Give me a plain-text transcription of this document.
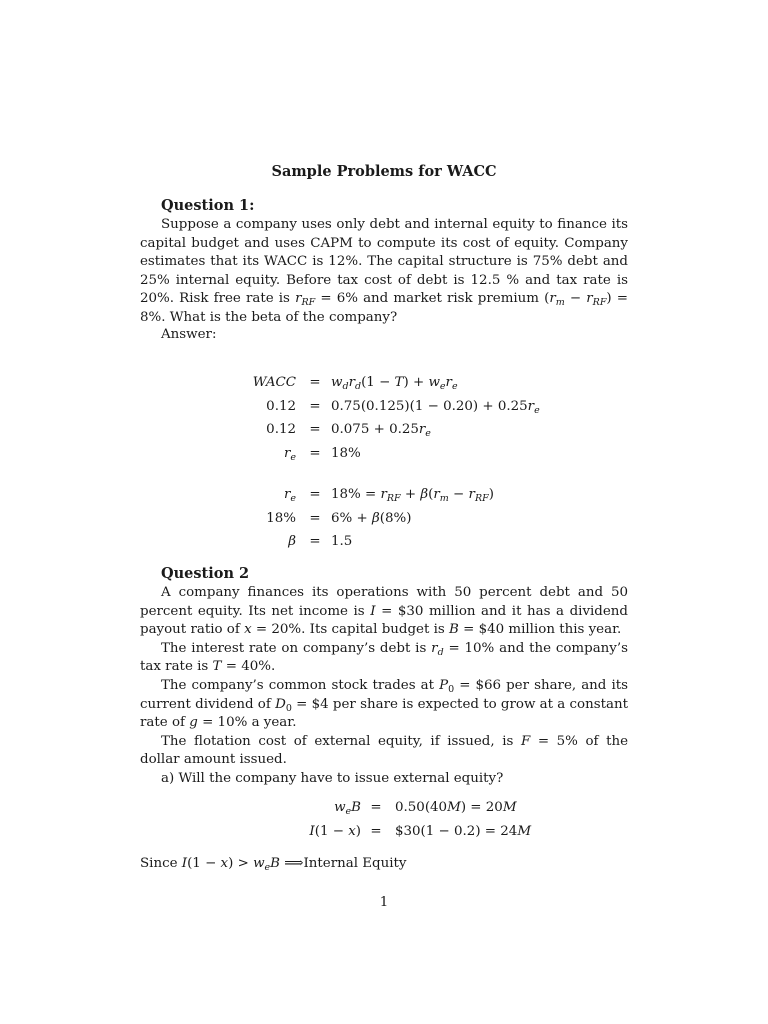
Sample Problems for WACC
Question 1:

Suppose a company uses only debt and internal equity to finance its capital budget and uses CAPM to compute its cost of equity. Company estimates that its WACC is 12%. The capital structure is 75% debt and 25% internal equity. Before tax cost of debt is 12.5 % and tax rate is 20%. Risk free rate is $r_{RF} = 6\%$ and market risk premium $(r_m - r_{RF}) = 8\%$. What is the beta of the company?

Answer:
WACC = $w_dr_d(1 - T) + w_er_e$
$0.12 = 0.75(0.125)(1 - 0.20) + 0.25r_e$
$0.12 = 0.075 + 0.25r_e$
$r_e = 18\%$
$r_e = 18\% = r_{RF} + \beta(r_m - r_{RF})$
18% = 6% + β(8%)
β = 1.5
Question 2

A company finances its operations with 50 percent debt and 50 percent equity. Its net income is I = $30 million and it has a dividend payout ratio of x = 20%. Its capital budget is B = $40 million this year.

The interest rate on company’s debt is $r_d = 10\%$ and the company’s tax rate is T = 40%.

The company’s common stock trades at $P_0$ = $66 per share, and its current dividend of $D_0$ = $4 per share is expected to grow at a constant rate of g = 10% a year.

The flotation cost of external equity, if issued, is F = 5% of the dollar amount issued.

a) Will the company have to issue external equity?

$w_eB = 0.50(40M) = 20M$
I(1 − x) = $30(1 − 0.2) = 24M
Since $I(1 - x) > w_eB$ ⟹Internal Equity
1
